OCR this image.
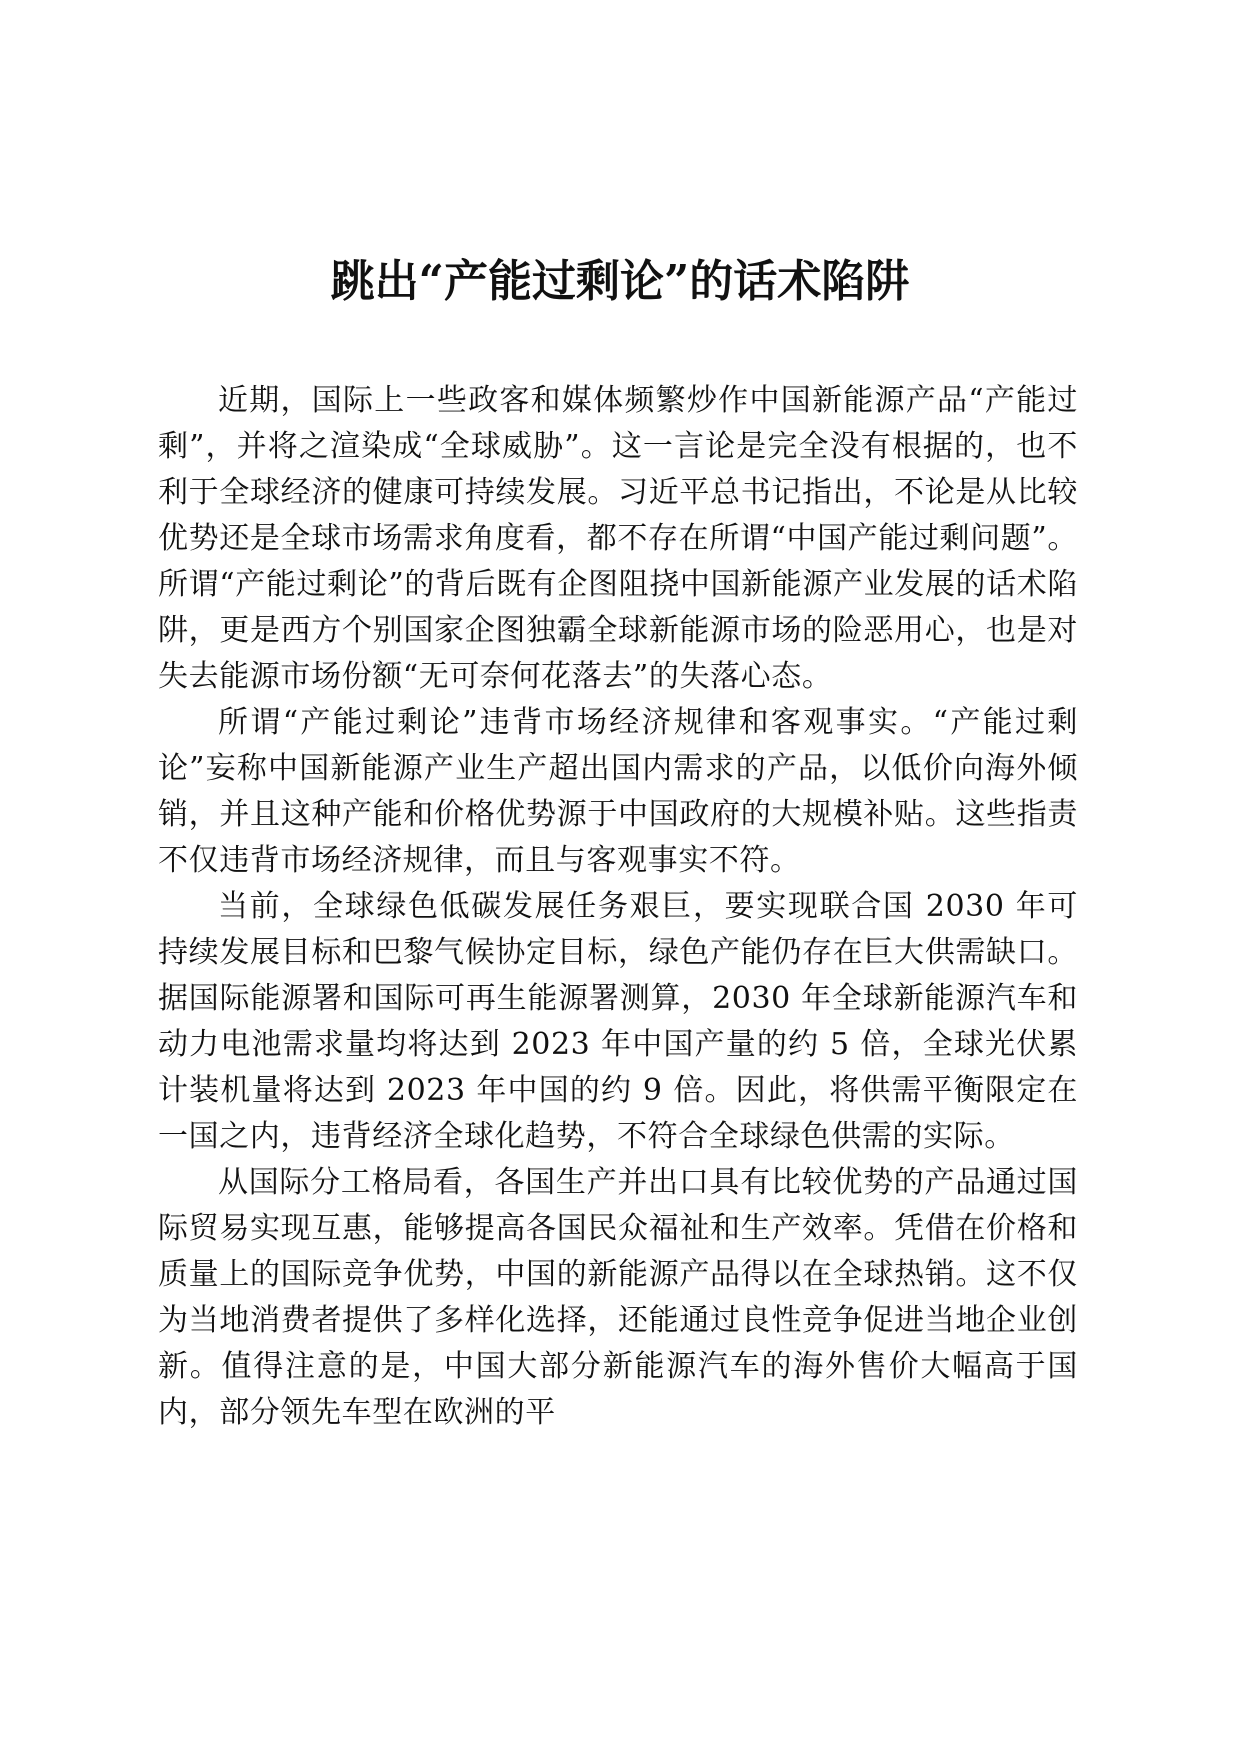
跳出“产能过剩论”的话术陷阱

近期，国际上一些政客和媒体频繁炒作中国新能源产品“产能过剩”，并将之渲染成“全球威胁”。这一言论是完全没有根据的，也不利于全球经济的健康可持续发展。习近平总书记指出，不论是从比较优势还是全球市场需求角度看，都不存在所谓“中国产能过剩问题”。所谓“产能过剩论”的背后既有企图阻挠中国新能源产业发展的话术陷阱，更是西方个别国家企图独霸全球新能源市场的险恶用心，也是对失去能源市场份额“无可奈何花落去”的失落心态。

所谓“产能过剩论”违背市场经济规律和客观事实。“产能过剩论”妄称中国新能源产业生产超出国内需求的产品，以低价向海外倾销，并且这种产能和价格优势源于中国政府的大规模补贴。这些指责不仅违背市场经济规律，而且与客观事实不符。

当前，全球绿色低碳发展任务艰巨，要实现联合国 2030 年可持续发展目标和巴黎气候协定目标，绿色产能仍存在巨大供需缺口。据国际能源署和国际可再生能源署测算，2030 年全球新能源汽车和动力电池需求量均将达到 2023 年中国产量的约 5 倍，全球光伏累计装机量将达到 2023 年中国的约 9 倍。因此，将供需平衡限定在一国之内，违背经济全球化趋势，不符合全球绿色供需的实际。

从国际分工格局看，各国生产并出口具有比较优势的产品通过国际贸易实现互惠，能够提高各国民众福祉和生产效率。凭借在价格和质量上的国际竞争优势，中国的新能源产品得以在全球热销。这不仅为当地消费者提供了多样化选择，还能通过良性竞争促进当地企业创新。值得注意的是，中国大部分新能源汽车的海外售价大幅高于国内，部分领先车型在欧洲的平
